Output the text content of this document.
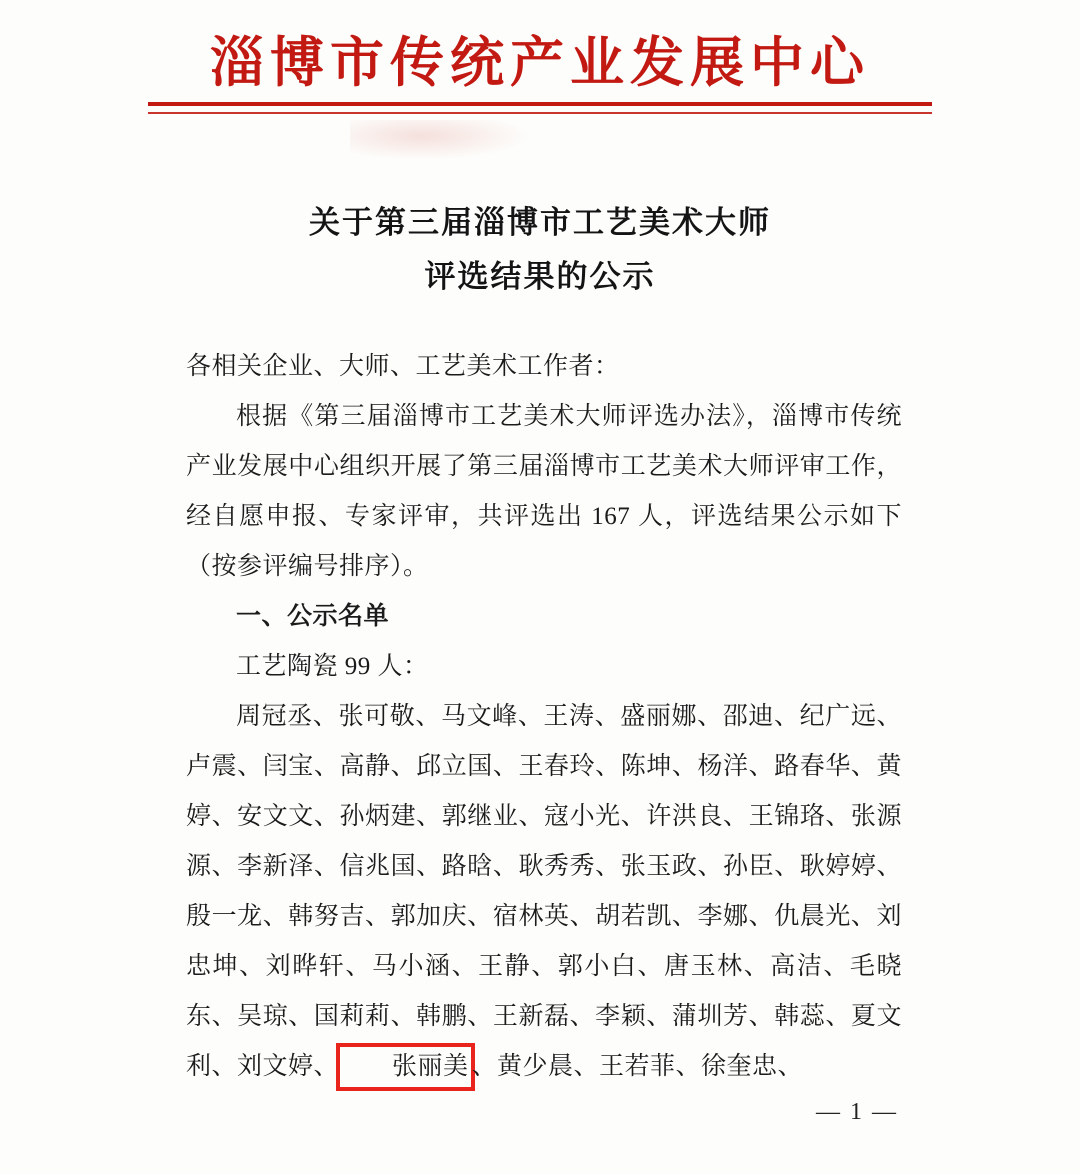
淄博市传统产业发展中心
关于第三届淄博市工艺美术大师
评选结果的公示
各相关企业、大师、工艺美术工作者：
根据《第三届淄博市工艺美术大师评选办法》，淄博市传统产业发展中心组织开展了第三届淄博市工艺美术大师评审工作，经自愿申报、专家评审，共评选出 167 人，评选结果公示如下（按参评编号排序）。
一、公示名单
工艺陶瓷 99 人：
周冠丞、张可敬、马文峰、王涛、盛丽娜、邵迪、纪广远、卢震、闫宝、高静、邱立国、王春玲、陈坤、杨洋、路春华、黄婷、安文文、孙炳建、郭继业、寇小光、许洪良、王锦珞、张源源、李新泽、信兆国、路晗、耿秀秀、张玉政、孙臣、耿婷婷、殷一龙、韩努吉、郭加庆、宿林英、胡若凯、李娜、仇晨光、刘忠坤、刘晔轩、马小涵、王静、郭小白、唐玉林、高洁、毛晓东、吴琼、国莉莉、韩鹏、王新磊、李颖、蒲圳芳、韩蕊、夏文利、刘文婷、 张丽美 、黄少晨、王若菲、徐奎忠、
— 1 —
